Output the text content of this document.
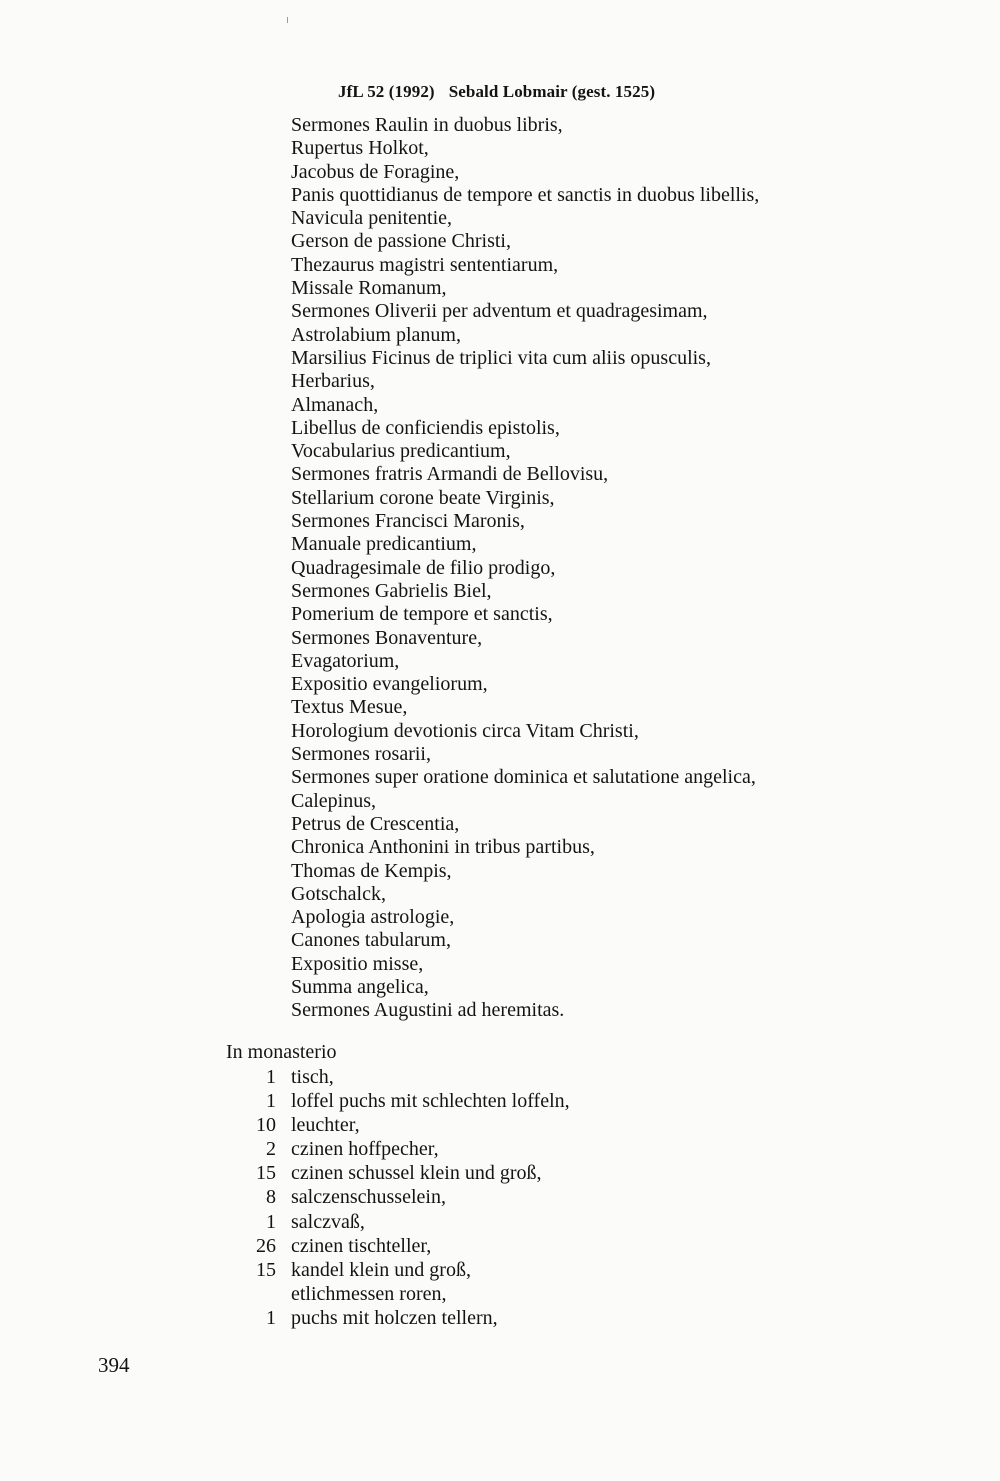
JfL 52 (1992) Sebald Lobmair (gest. 1525)
Sermones Raulin in duobus libris,
Rupertus Holkot,
Jacobus de Foragine,
Panis quottidianus de tempore et sanctis in duobus libellis,
Navicula penitentie,
Gerson de passione Christi,
Thezaurus magistri sententiarum,
Missale Romanum,
Sermones Oliverii per adventum et quadragesimam,
Astrolabium planum,
Marsilius Ficinus de triplici vita cum aliis opusculis,
Herbarius,
Almanach,
Libellus de conficiendis epistolis,
Vocabularius predicantium,
Sermones fratris Armandi de Bellovisu,
Stellarium corone beate Virginis,
Sermones Francisci Maronis,
Manuale predicantium,
Quadragesimale de filio prodigo,
Sermones Gabrielis Biel,
Pomerium de tempore et sanctis,
Sermones Bonaventure,
Evagatorium,
Expositio evangeliorum,
Textus Mesue,
Horologium devotionis circa Vitam Christi,
Sermones rosarii,
Sermones super oratione dominica et salutatione angelica,
Calepinus,
Petrus de Crescentia,
Chronica Anthonini in tribus partibus,
Thomas de Kempis,
Gotschalck,
Apologia astrologie,
Canones tabularum,
Expositio misse,
Summa angelica,
Sermones Augustini ad heremitas.
In monasterio
1 tisch,
1 loffel puchs mit schlechten loffeln,
10 leuchter,
2 czinen hoffpecher,
15 czinen schussel klein und groß,
8 salczenschusselein,
1 salczvaß,
26 czinen tischteller,
15 kandel klein und groß,
etlichmessen roren,
1 puchs mit holczen tellern,
394
